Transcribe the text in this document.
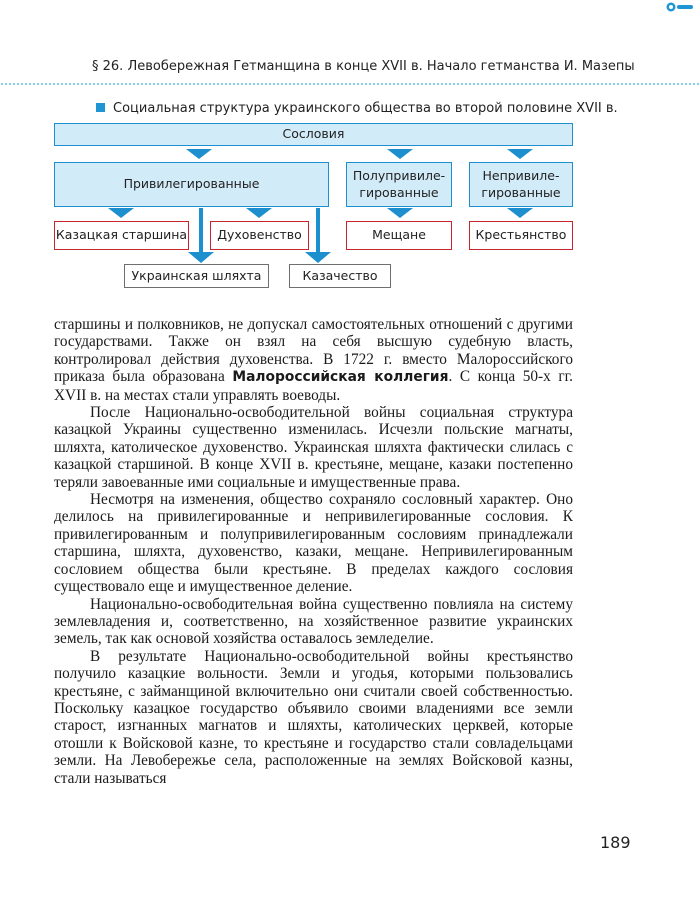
§ 26. Левобережная Гетманщина в конце XVII в. Начало гетманства И. Мазепы
Социальная структура украинского общества во второй половине XVII в.
Сословия
Привилегированные
Полупривиле-
гированные
Непривиле-
гированные
Казацкая старшина	Духовенство	Мещане	Крестьянство
Украинская шляхта	Казачество

старшины и полковников, не допускал самостоятельных отношений с другими государствами. Также он взял на себя высшую судебную власть, контролировал действия духовенства. В 1722 г. вместо Малороссийского приказа была образована Малороссийская коллегия. С конца 50-х гг. XVII в. на местах стали управлять воеводы.

После Национально-освободительной войны социальная структура казацкой Украины существенно изменилась. Исчезли польские магнаты, шляхта, католическое духовенство. Украинская шляхта фактически слилась с казацкой старшиной. В конце XVII в. крестьяне, мещане, казаки постепенно теряли завоеванные ими социальные и имущественные права.

Несмотря на изменения, общество сохраняло сословный характер. Оно делилось на привилегированные и непривилегированные сословия. К привилегированным и полупривилегированным сословиям принадлежали старшина, шляхта, духовенство, казаки, мещане. Непривилегированным сословием общества были крестьяне. В пределах каждого сословия существовало еще и имущественное деление.

Национально-освободительная война существенно повлияла на систему землевладения и, соответственно, на хозяйственное развитие украинских земель, так как основой хозяйства оставалось земледелие.

В результате Национально-освободительной войны крестьянство получило казацкие вольности. Земли и угодья, которыми пользовались крестьяне, с займанщиной включительно они считали своей собственностью. Поскольку казацкое государство объявило своими владениями все земли старост, изгнанных магнатов и шляхты, католических церквей, которые отошли к Войсковой казне, то крестьяне и государство стали совладельцами земли. На Левобережье села, расположенные на землях Войсковой казны, стали называться

189
